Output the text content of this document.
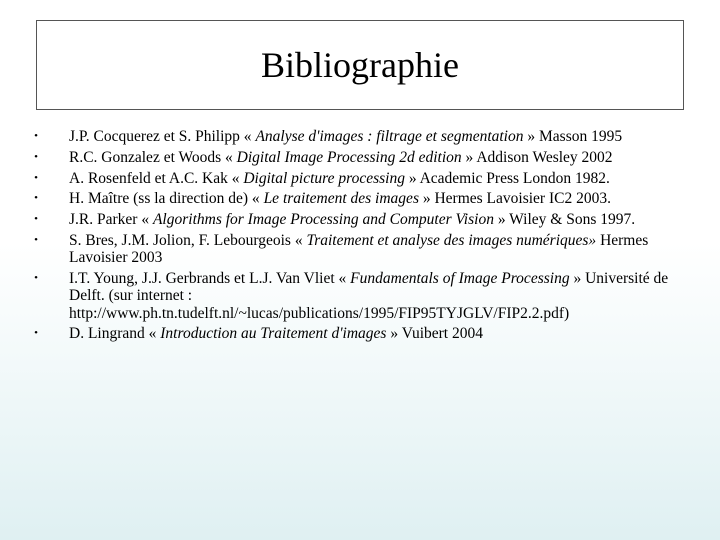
Bibliographie
• J.P. Cocquerez et S. Philipp « Analyse d'images : filtrage et segmentation » Masson 1995
• R.C. Gonzalez et Woods « Digital Image Processing 2d edition » Addison Wesley 2002
• A. Rosenfeld et A.C. Kak « Digital picture processing » Academic Press London 1982.
• H. Maître (ss la direction de) « Le traitement des images » Hermes Lavoisier IC2 2003.
• J.R. Parker « Algorithms for Image Processing and Computer Vision » Wiley & Sons 1997.
• S. Bres, J.M. Jolion, F. Lebourgeois « Traitement et analyse des images numériques» Hermes Lavoisier 2003
• I.T. Young, J.J. Gerbrands et L.J. Van Vliet « Fundamentals of Image Processing » Université de Delft. (sur internet : http://www.ph.tn.tudelft.nl/~lucas/publications/1995/FIP95TYJGLV/FIP2.2.pdf)
• D. Lingrand « Introduction au Traitement d'images » Vuibert 2004
